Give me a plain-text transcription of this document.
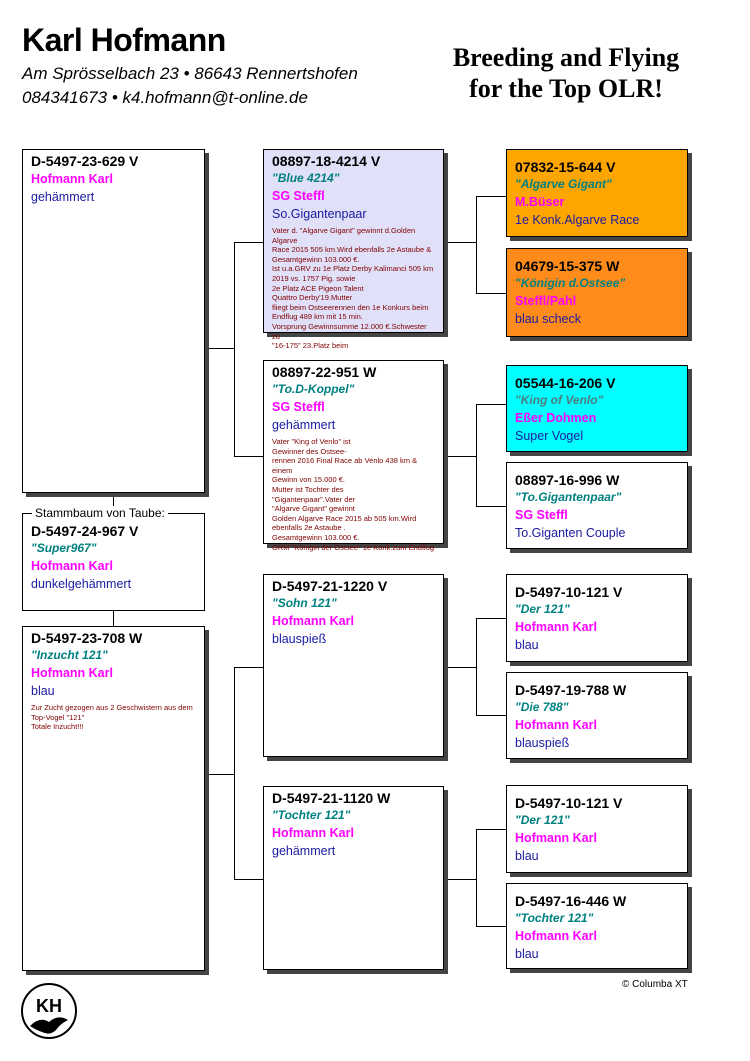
Karl Hofmann
Am Sprösselbach 23 • 86643 Rennertshofen
084341673 • k4.hofmann@t-online.de
Breeding and Flying
for the Top OLR!
D-5497-24-967 V
"Super967"
Hofmann Karl
dunkelgehämmert
Stammbaum von Taube:
D-5497-23-629 V
Hofmann Karl
gehämmert
D-5497-23-708 W
"Inzucht 121"
Hofmann Karl
blau
Zur Zucht gezogen aus 2 Geschwistern aus dem
Top-Vogel "121"
Totale Inzucht!!!
08897-18-4214 V
"Blue 4214"
SG Steffl
So.Gigantenpaar
Vater d. "Algarve Gigant" gewinnt d.Golden Algarve
Race 2015 505 km.Wird ebenfalls 2e Astaube &
Gesamtgewinn 103.000 €.
Ist u.a.GRV zu 1e Platz Derby Kalimanci 505 km
2019 vs. 1757 Pig. sowie
2e Platz ACE Pigeon Talent
Quattro Derby'19.Mutter
fliegt beim Ostseerennen den 1e Konkurs beim
Endflug 489 km mit 15 min.
Vorsprung Gewinnsumme 12.000 €.Schwester zu
"16-175" 23.Platz beim
08897-22-951 W
"To.D-Koppel"
SG Steffl
gehämmert
Vater "King of Venlo" ist
Gewinner des Ostsee-
rennen 2016 Final Race ab Venlo 438 km & einem
Gewinn von 15.000 €.
Mutter ist Tochter des
"Gigantenpaar".Vater der
"Algarve Gigant" gewinnt
Golden Algarve Race 2015 ab 505 km.Wird
ebenfalls 2e Astaube .
Gesamtgewinn 103.000 €.
GRM "Königin der Ostsee" 1e Konk.zum Endflug
D-5497-21-1220 V
"Sohn 121"
Hofmann Karl
blauspieß
D-5497-21-1120 W
"Tochter 121"
Hofmann Karl
gehämmert
07832-15-644 V
"Algarve Gigant"
M.Büser
1e Konk.Algarve Race
04679-15-375 W
"Königin d.Ostsee"
Steffl/Pahl
blau scheck
05544-16-206 V
"King of Venlo"
Eßer Dohmen
Super Vogel
08897-16-996 W
"To.Gigantenpaar"
SG Steffl
To.Giganten Couple
D-5497-10-121 V
"Der 121"
Hofmann Karl
blau
D-5497-19-788 W
"Die 788"
Hofmann Karl
blauspieß
D-5497-10-121 V
"Der 121"
Hofmann Karl
blau
D-5497-16-446 W
"Tochter 121"
Hofmann Karl
blau
© Columba XT
KH
